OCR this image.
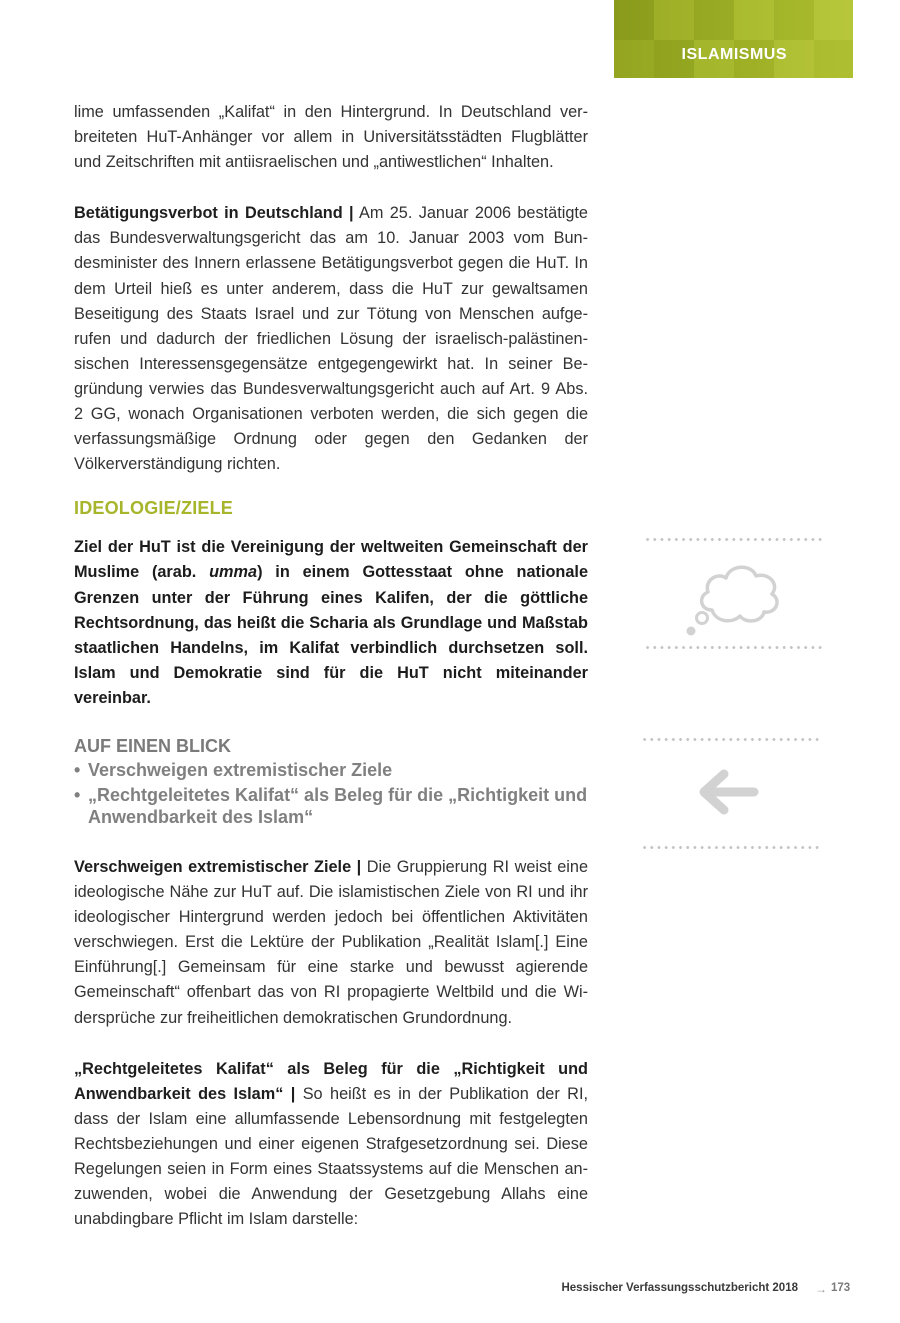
ISLAMISMUS

lime umfassenden „Kalifat“ in den Hintergrund. In Deutschland verbreiteten HuT-Anhänger vor allem in Universitätsstädten Flugblätter und Zeitschriften mit antiisraelischen und „antiwestlichen“ Inhalten.

Betätigungsverbot in Deutschland | Am 25. Januar 2006 bestätigte das Bundesverwaltungsgericht das am 10. Januar 2003 vom Bundesminister des Innern erlassene Betätigungsverbot gegen die HuT. In dem Urteil hieß es unter anderem, dass die HuT zur gewaltsamen Beseitigung des Staats Israel und zur Tötung von Menschen aufgerufen und dadurch der friedlichen Lösung der israelisch-palästinensischen Interessensgegensätze entgegengewirkt hat. In seiner Begründung verwies das Bundesverwaltungsgericht auch auf Art. 9 Abs. 2 GG, wonach Organisationen verboten werden, die sich gegen die verfassungsmäßige Ordnung oder gegen den Gedanken der Völkerverständigung richten.

IDEOLOGIE/ZIELE

Ziel der HuT ist die Vereinigung der weltweiten Gemeinschaft der Muslime (arab. umma) in einem Gottesstaat ohne nationale Grenzen unter der Führung eines Kalifen, der die göttliche Rechtsordnung, das heißt die Scharia als Grundlage und Maßstab staatlichen Handelns, im Kalifat verbindlich durchsetzen soll. Islam und Demokratie sind für die HuT nicht miteinander vereinbar.

AUF EINEN BLICK
• Verschweigen extremistischer Ziele
• „Rechtgeleitetes Kalifat“ als Beleg für die „Richtigkeit und Anwendbarkeit des Islam“

Verschweigen extremistischer Ziele | Die Gruppierung RI weist eine ideologische Nähe zur HuT auf. Die islamistischen Ziele von RI und ihr ideologischer Hintergrund werden jedoch bei öffentlichen Aktivitäten verschwiegen. Erst die Lektüre der Publikation „Realität Islam[.] Eine Einführung[.] Gemeinsam für eine starke und bewusst agierende Gemeinschaft“ offenbart das von RI propagierte Weltbild und die Widersprüche zur freiheitlichen demokratischen Grundordnung.

„Rechtgeleitetes Kalifat“ als Beleg für die „Richtigkeit und Anwendbarkeit des Islam“ | So heißt es in der Publikation der RI, dass der Islam eine allumfassende Lebensordnung mit festgelegten Rechtsbeziehungen und einer eigenen Strafgesetzordnung sei. Diese Regelungen seien in Form eines Staatssystems auf die Menschen anzuwenden, wobei die Anwendung der Gesetzgebung Allahs eine unabdingbare Pflicht im Islam darstelle:

Hessischer Verfassungsschutzbericht 2018 → 173
